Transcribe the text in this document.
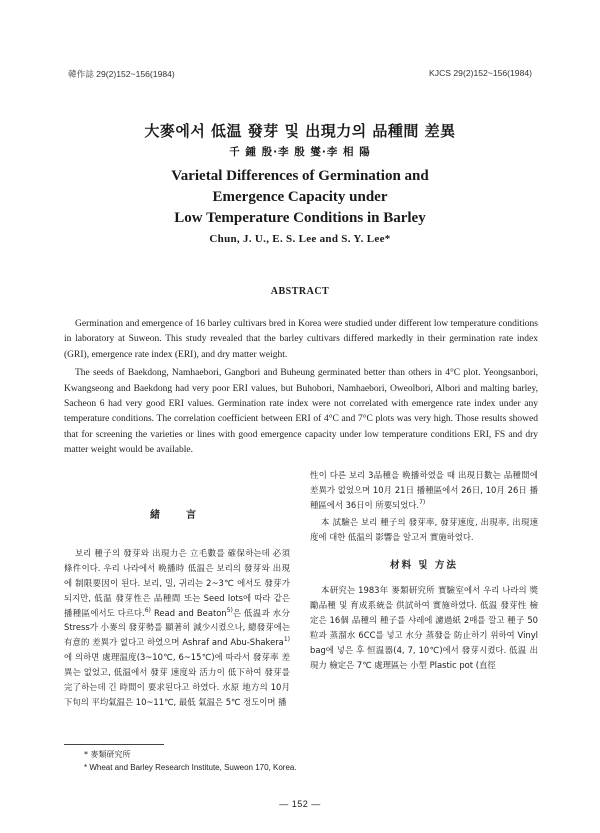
韓作誌 29(2)152~156(1984)	KJCS 29(2)152~156(1984)
大麥에서 低温 發芽 및 出現力의 品種間 差異
千 鍾 殷·李 殷 燮·李 相 陽
Varietal Differences of Germination and
Emergence Capacity under
Low Temperature Conditions in Barley
Chun, J. U., E. S. Lee and S. Y. Lee*
ABSTRACT

Germination and emergence of 16 barley cultivars bred in Korea were studied under different low temperature conditions in laboratory at Suweon. This study revealed that the barley cultivars differed markedly in their germination rate index (GRI), emergence rate index (ERI), and dry matter weight.

The seeds of Baekdong, Namhaebori, Gangbori and Buheung germinated better than others in 4°C plot. Yeongsanbori, Kwangseong and Baekdong had very poor ERI values, but Buhobori, Namhaebori, Oweolbori, Albori and malting barley, Sacheon 6 had very good ERI values. Germination rate index were not correlated with emergence rate index under any temperature conditions. The correlation coefficient between ERI of 4°C and 7°C plots was very high. Those results showed that for screening the varieties or lines with good emergence capacity under low temperature conditions ERI, FS and dry matter weight would be available.

緒　言

보리 種子의 發芽와 出現力은 立毛數를 確保하는데 必須 條件이다. 우리 나라에서 晩播時 低温은 보리의 發芽와 出現에 制限要因이 된다. 보리, 밀, 귀리는 2~3℃ 에서도 發芽가 되지만, 低温 發芽性은 品種間 또는 Seed lots에 따라 같은 播種區에서도 다르다.$^{6)}$ Read and Beaton$^{5)}$은 低温과 水分 Stress가 小麥의 發芽勢를 顯著히 減少시켰으나, 總發芽에는 有意的 差異가 없다고 하였으며 Ashraf and Abu-Shakera$^{1)}$에 의하면 處理温度(3~10℃, 6~15℃)에 따라서 發芽率 差異는 없었고, 低温에서 發芽 速度와 活力이 低下하여 發芽를 完了하는데 긴 時間이 要求된다고 하였다. 水原 地方의 10月 下旬의 平均氣温은 10~11℃, 最低 氣温은 5℃ 정도이며 播

性이 다른 보리 3品種을 晩播하였을 때 出現日數는 品種間에 差異가 없었으며 10月 21日 播種區에서 26日, 10月 26日 播種區에서 36日이 所要되었다.$^{7)}$

本 試驗은 보리 種子의 發芽率, 發芽速度, 出現率, 出現速度에 대한 低温의 影響을 알고저 實施하였다.

材料 및 方法

本研究는 1983年 麥類研究所 實驗室에서 우리 나라의 獎勵品種 및 育成系統을 供試하여 實施하였다. 低温 發芽性 檢定은 16個 品種의 種子를 샤레에 濾過紙 2매를 깔고 種子 50粒과 蒸溜水 6CC를 넣고 水分 蒸發을 防止하기 위하여 Vinyl bag에 넣은 후 恒温器(4, 7, 10℃)에서 發芽시켰다. 低温 出現力 檢定은 7℃ 處理區는 小型 Plastic pot (直徑

* 麥類研究所
* Wheat and Barley Research Institute, Suweon 170, Korea.
— 152 —
